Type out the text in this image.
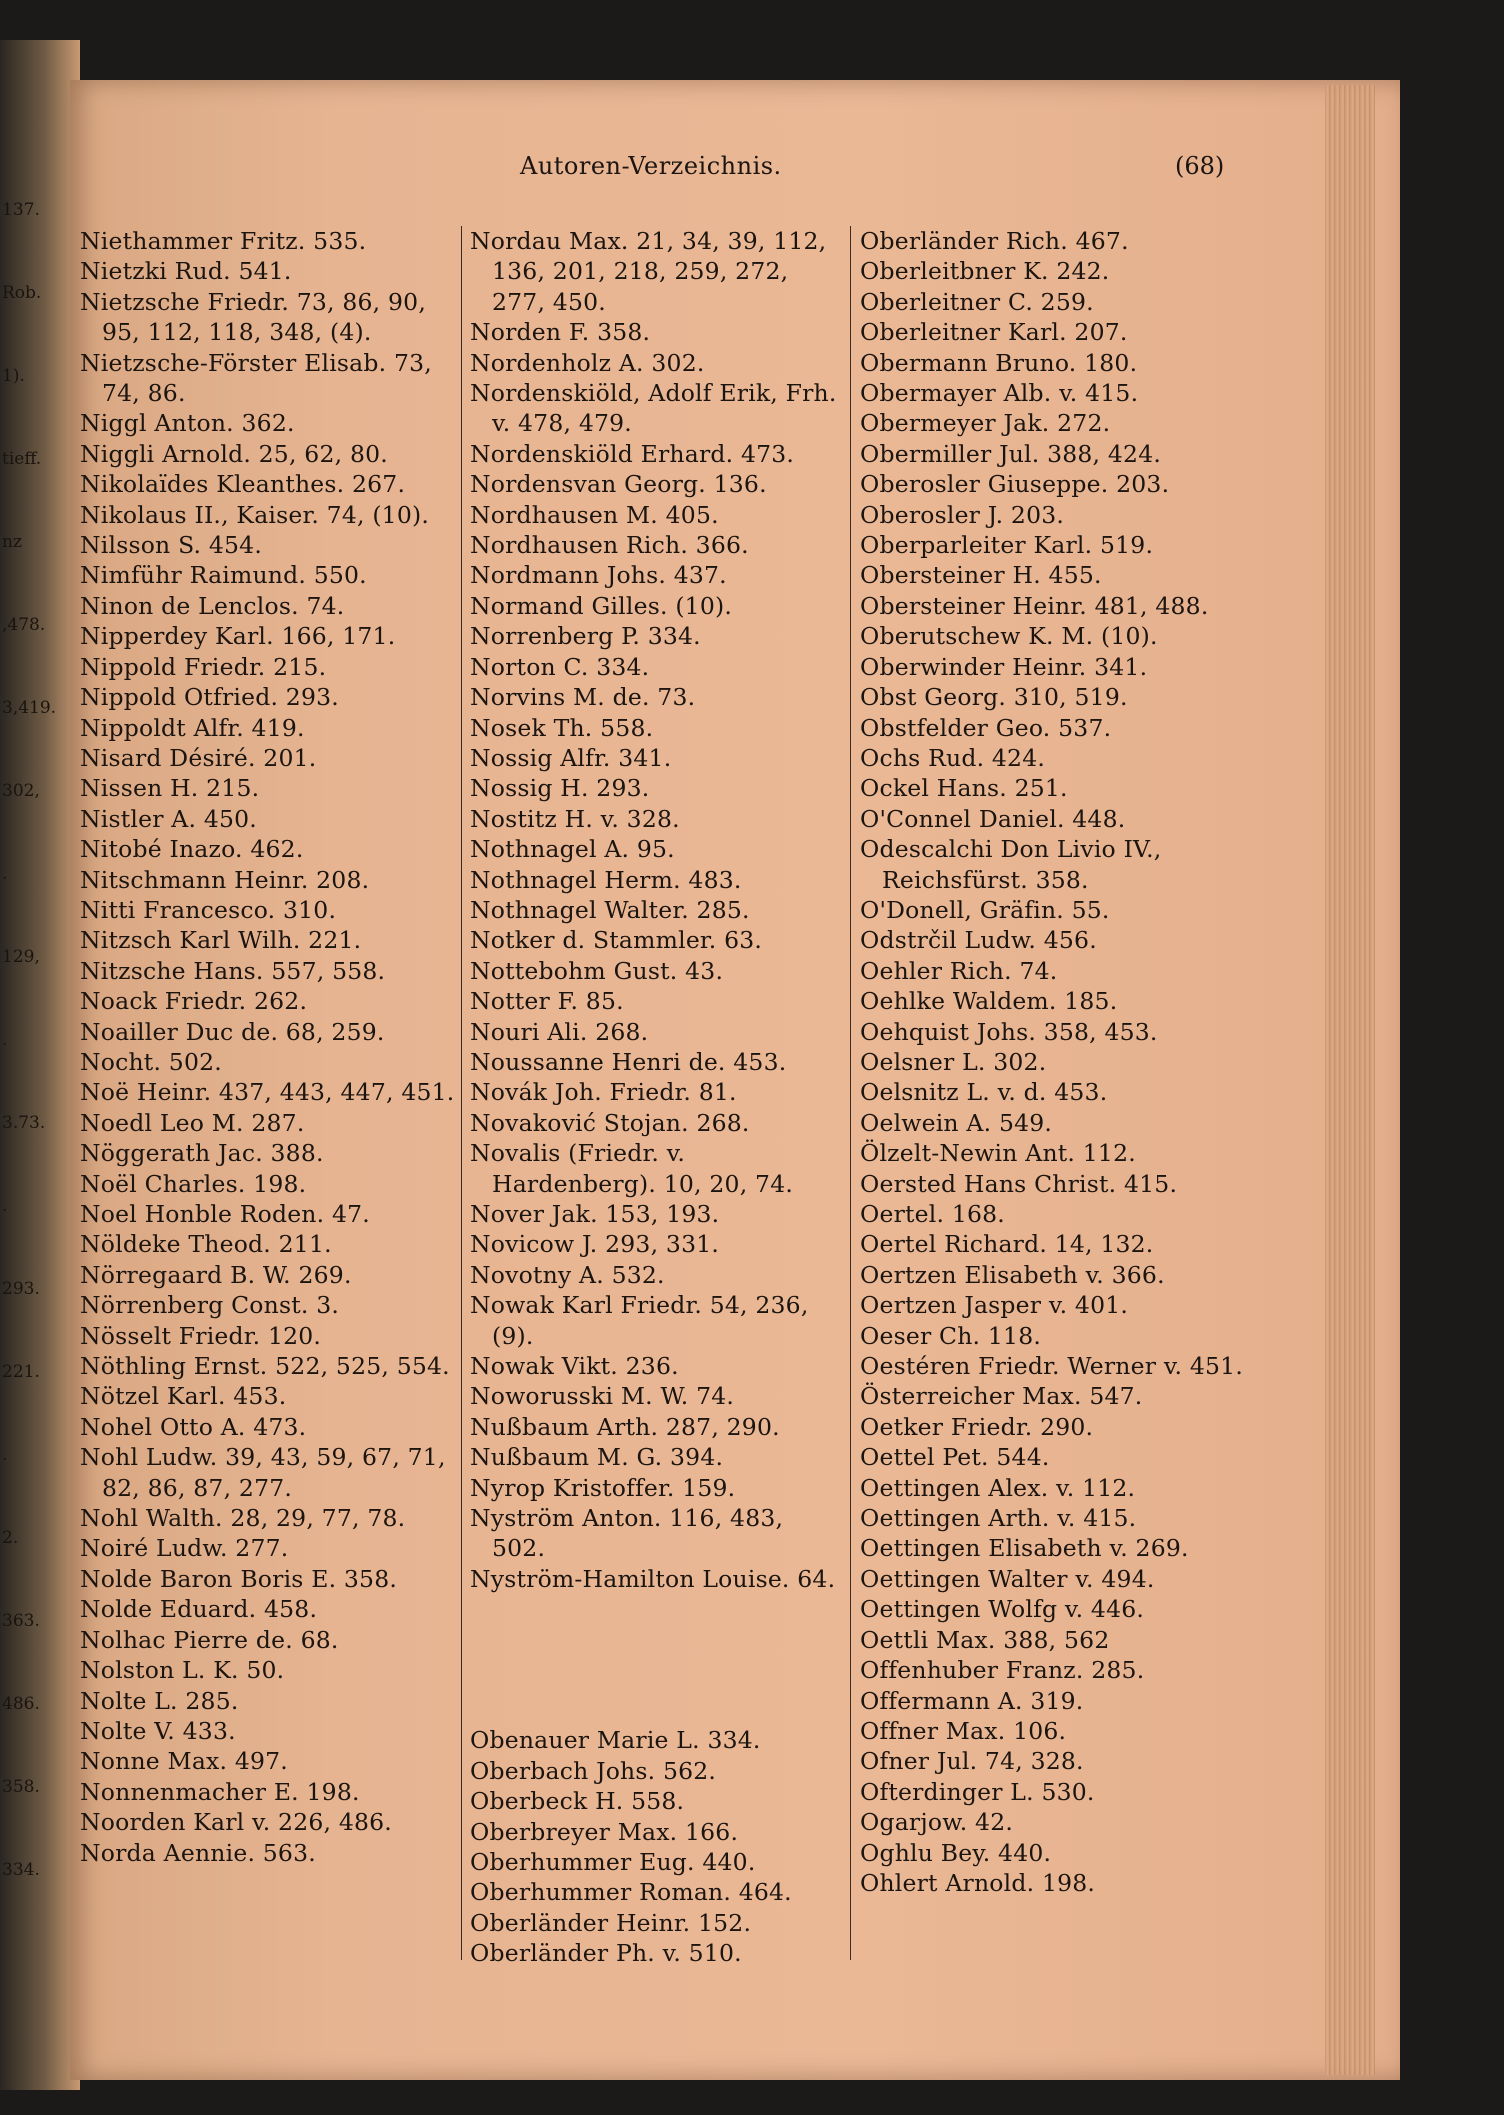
137.
Rob.
1).
tieff.
nz
,478.
3,419.
302,
.
129,
.
3.73.
.
293.
221.
.
2.
363.
486.
358.
334.
Autoren-Verzeichnis.	(68)
Niethammer Fritz. 535.
Nietzki Rud. 541.
Nietzsche Friedr. 73, 86, 90, 95, 112, 118, 348, (4).
Nietzsche-Förster Elisab. 73, 74, 86.
Niggl Anton. 362.
Niggli Arnold. 25, 62, 80.
Nikolaïdes Kleanthes. 267.
Nikolaus II., Kaiser. 74, (10).
Nilsson S. 454.
Nimführ Raimund. 550.
Ninon de Lenclos. 74.
Nipperdey Karl. 166, 171.
Nippold Friedr. 215.
Nippold Otfried. 293.
Nippoldt Alfr. 419.
Nisard Désiré. 201.
Nissen H. 215.
Nistler A. 450.
Nitobé Inazo. 462.
Nitschmann Heinr. 208.
Nitti Francesco. 310.
Nitzsch Karl Wilh. 221.
Nitzsche Hans. 557, 558.
Noack Friedr. 262.
Noailler Duc de. 68, 259.
Nocht. 502.
Noë Heinr. 437, 443, 447, 451.
Noedl Leo M. 287.
Nöggerath Jac. 388.
Noël Charles. 198.
Noel Honble Roden. 47.
Nöldeke Theod. 211.
Nörregaard B. W. 269.
Nörrenberg Const. 3.
Nösselt Friedr. 120.
Nöthling Ernst. 522, 525, 554.
Nötzel Karl. 453.
Nohel Otto A. 473.
Nohl Ludw. 39, 43, 59, 67, 71, 82, 86, 87, 277.
Nohl Walth. 28, 29, 77, 78.
Noiré Ludw. 277.
Nolde Baron Boris E. 358.
Nolde Eduard. 458.
Nolhac Pierre de. 68.
Nolston L. K. 50.
Nolte L. 285.
Nolte V. 433.
Nonne Max. 497.
Nonnenmacher E. 198.
Noorden Karl v. 226, 486.
Norda Aennie. 563.
Nordau Max. 21, 34, 39, 112, 136, 201, 218, 259, 272, 277, 450.
Norden F. 358.
Nordenholz A. 302.
Nordenskiöld, Adolf Erik, Frh. v. 478, 479.
Nordenskiöld Erhard. 473.
Nordensvan Georg. 136.
Nordhausen M. 405.
Nordhausen Rich. 366.
Nordmann Johs. 437.
Normand Gilles. (10).
Norrenberg P. 334.
Norton C. 334.
Norvins M. de. 73.
Nosek Th. 558.
Nossig Alfr. 341.
Nossig H. 293.
Nostitz H. v. 328.
Nothnagel A. 95.
Nothnagel Herm. 483.
Nothnagel Walter. 285.
Notker d. Stammler. 63.
Nottebohm Gust. 43.
Notter F. 85.
Nouri Ali. 268.
Noussanne Henri de. 453.
Novák Joh. Friedr. 81.
Novaković Stojan. 268.
Novalis (Friedr. v. Hardenberg). 10, 20, 74.
Nover Jak. 153, 193.
Novicow J. 293, 331.
Novotny A. 532.
Nowak Karl Friedr. 54, 236, (9).
Nowak Vikt. 236.
Noworusski M. W. 74.
Nußbaum Arth. 287, 290.
Nußbaum M. G. 394.
Nyrop Kristoffer. 159.
Nyström Anton. 116, 483, 502.
Nyström-Hamilton Louise. 64.
Obenauer Marie L. 334.
Oberbach Johs. 562.
Oberbeck H. 558.
Oberbreyer Max. 166.
Oberhummer Eug. 440.
Oberhummer Roman. 464.
Oberländer Heinr. 152.
Oberländer Ph. v. 510.
Oberländer Rich. 467.
Oberleitbner K. 242.
Oberleitner C. 259.
Oberleitner Karl. 207.
Obermann Bruno. 180.
Obermayer Alb. v. 415.
Obermeyer Jak. 272.
Obermiller Jul. 388, 424.
Oberosler Giuseppe. 203.
Oberosler J. 203.
Oberparleiter Karl. 519.
Obersteiner H. 455.
Obersteiner Heinr. 481, 488.
Oberutschew K. M. (10).
Oberwinder Heinr. 341.
Obst Georg. 310, 519.
Obstfelder Geo. 537.
Ochs Rud. 424.
Ockel Hans. 251.
O'Connel Daniel. 448.
Odescalchi Don Livio IV., Reichsfürst. 358.
O'Donell, Gräfin. 55.
Odstrčil Ludw. 456.
Oehler Rich. 74.
Oehlke Waldem. 185.
Oehquist Johs. 358, 453.
Oelsner L. 302.
Oelsnitz L. v. d. 453.
Oelwein A. 549.
Ölzelt-Newin Ant. 112.
Oersted Hans Christ. 415.
Oertel. 168.
Oertel Richard. 14, 132.
Oertzen Elisabeth v. 366.
Oertzen Jasper v. 401.
Oeser Ch. 118.
Oestéren Friedr. Werner v. 451.
Österreicher Max. 547.
Oetker Friedr. 290.
Oettel Pet. 544.
Oettingen Alex. v. 112.
Oettingen Arth. v. 415.
Oettingen Elisabeth v. 269.
Oettingen Walter v. 494.
Oettingen Wolfg v. 446.
Oettli Max. 388, 562
Offenhuber Franz. 285.
Offermann A. 319.
Offner Max. 106.
Ofner Jul. 74, 328.
Ofterdinger L. 530.
Ogarjow. 42.
Oghlu Bey. 440.
Ohlert Arnold. 198.
